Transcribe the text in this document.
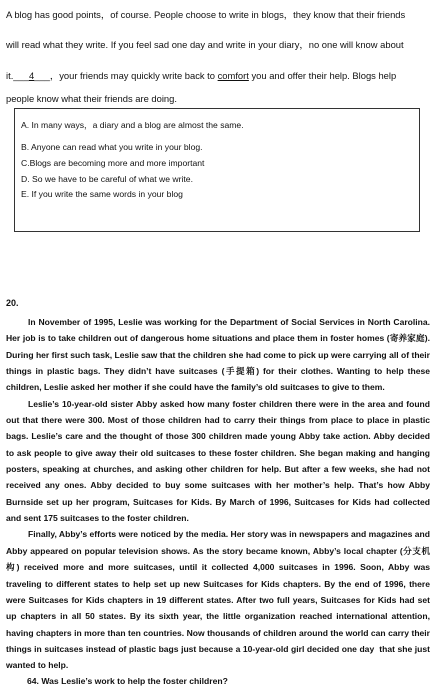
A blog has good points，of course. People choose to write in blogs，they know that their friends
will read what they write. If you feel sad one day and write in your diary，no one will know about
it.___4___，your friends may quickly write back to comfort you and offer their help. Blogs help
people know what their friends are doing.
A. In many ways，a diary and a blog are almost the same.
B. Anyone can read what you write in your blog.
C.Blogs are becoming more and more important
D. So we have to be careful of what we write.
E. If you write the same words in your blog
20.

In November of 1995, Leslie was working for the Department of Social Services in North Carolina. Her job is to take children out of dangerous home situations and place them in foster homes (寄养家庭). During her first such task, Leslie saw that the children she had come to pick up were carrying all of their things in plastic bags. They didn’t have suitcases (手提箱) for their clothes. Wanting to help these children, Leslie asked her mother if she could have the family’s old suitcases to give to them.

Leslie’s 10-year-old sister Abby asked how many foster children there were in the area and found out that there were 300. Most of those children had to carry their things from place to place in plastic bags. Leslie’s care and the thought of those 300 children made young Abby take action. Abby decided to ask people to give away their old suitcases to these foster children. She began making and hanging posters, speaking at churches, and asking other children for help. But after a few weeks, she had not received any ones. Abby decided to buy some suitcases with her mother’s help. That’s how Abby Burnside set up her program, Suitcases for Kids. By March of 1996, Suitcases for Kids had collected and sent 175 suitcases to the foster children.

Finally, Abby’s efforts were noticed by the media. Her story was in newspapers and magazines and Abby appeared on popular television shows. As the story became known, Abby’s local chapter (分支机构) received more and more suitcases, until it collected 4,000 suitcases in 1996. Soon, Abby was traveling to different states to help set up new Suitcases for Kids chapters. By the end of 1996, there were Suitcases for Kids chapters in 19 different states. After two full years, Suitcases for Kids had set up chapters in all 50 states. By its sixth year, the little organization reached international attention, having chapters in more than ten countries. Now thousands of children around the world can carry their things in suitcases instead of plastic bags just because a 10-year-old girl decided one day  that she just wanted to help.

64. Was Leslie’s work to help the foster children?
